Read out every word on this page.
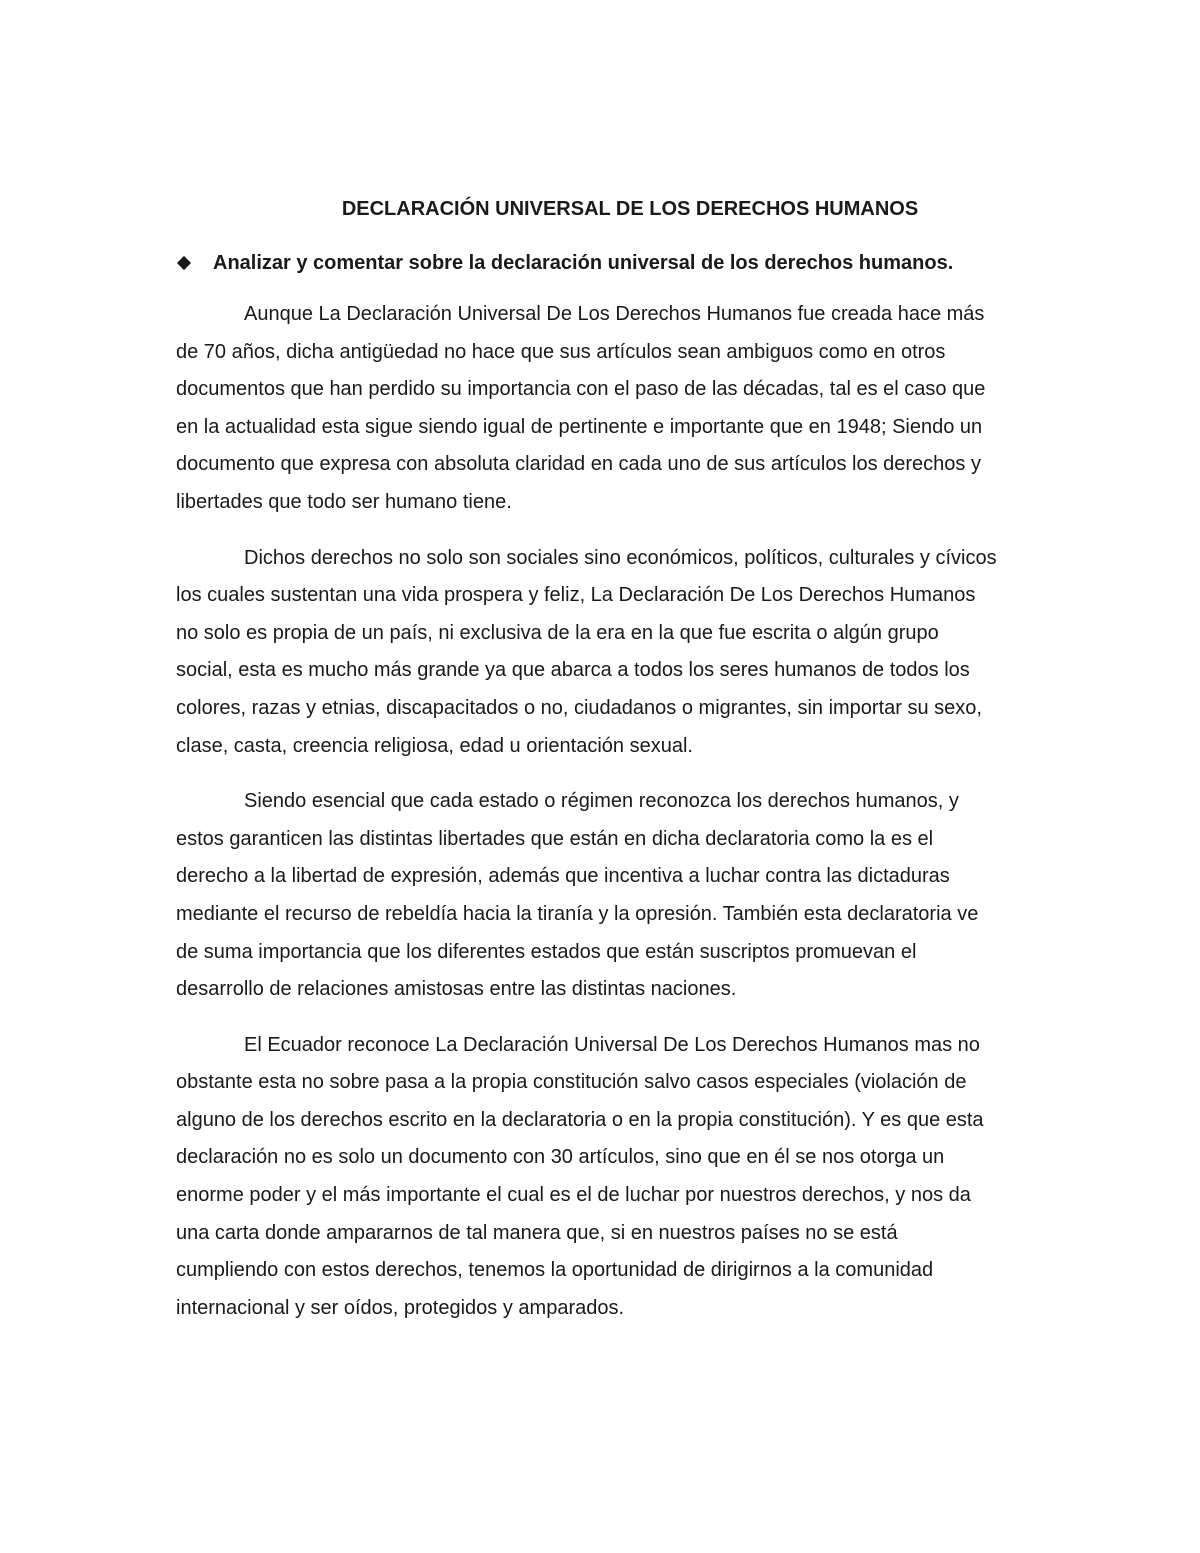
DECLARACIÓN UNIVERSAL DE LOS DERECHOS HUMANOS
Analizar y comentar sobre la declaración universal de los derechos humanos.

Aunque La Declaración Universal De Los Derechos Humanos fue creada hace más
de 70 años, dicha antigüedad no hace que sus artículos sean ambiguos como en otros
documentos que han perdido su importancia con el paso de las décadas, tal es el caso que
en la actualidad esta sigue siendo igual de pertinente e importante que en 1948; Siendo un
documento que expresa con absoluta claridad en cada uno de sus artículos los derechos y
libertades que todo ser humano tiene.

Dichos derechos no solo son sociales sino económicos, políticos, culturales y cívicos
los cuales sustentan una vida prospera y feliz, La Declaración De Los Derechos Humanos
no solo es propia de un país, ni exclusiva de la era en la que fue escrita o algún grupo
social, esta es mucho más grande ya que abarca a todos los seres humanos de todos los
colores, razas y etnias, discapacitados o no, ciudadanos o migrantes, sin importar su sexo,
clase, casta, creencia religiosa, edad u orientación sexual.

Siendo esencial que cada estado o régimen reconozca los derechos humanos, y
estos garanticen las distintas libertades que están en dicha declaratoria como la es el
derecho a la libertad de expresión, además que incentiva a luchar contra las dictaduras
mediante el recurso de rebeldía hacia la tiranía y la opresión. También esta declaratoria ve
de suma importancia que los diferentes estados que están suscriptos promuevan el
desarrollo de relaciones amistosas entre las distintas naciones.

El Ecuador reconoce La Declaración Universal De Los Derechos Humanos mas no
obstante esta no sobre pasa a la propia constitución salvo casos especiales (violación de
alguno de los derechos escrito en la declaratoria o en la propia constitución). Y es que esta
declaración no es solo un documento con 30 artículos, sino que en él se nos otorga un
enorme poder y el más importante el cual es el de luchar por nuestros derechos, y nos da
una carta donde ampararnos de tal manera que, si en nuestros países no se está
cumpliendo con estos derechos, tenemos la oportunidad de dirigirnos a la comunidad
internacional y ser oídos, protegidos y amparados.
